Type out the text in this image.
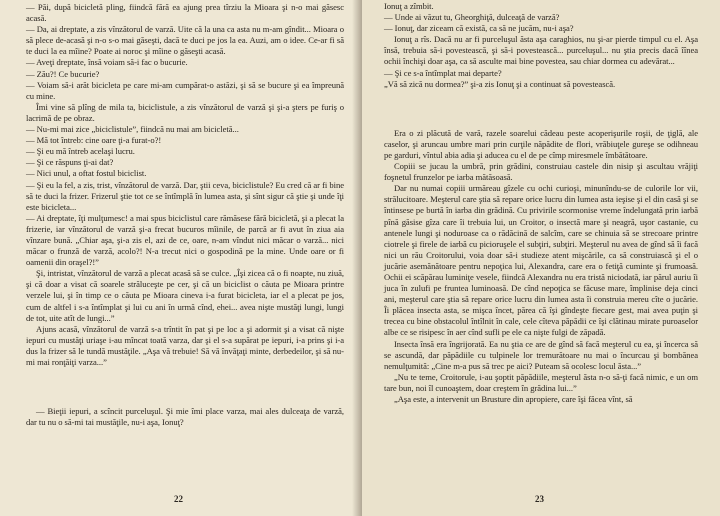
— Păi, după bicicletă pling, fiindcă fără ea ajung prea tîrziu la Mioara şi n-o mai găsesc acasă.

— Da, ai dreptate, a zis vînzătorul de varză. Uite că la una ca asta nu m-am gîndit... Mioara o să plece de-acasă şi n-o s-o mai găseşti, dacă te duci pe jos la ea. Auzi, am o idee. Ce-ar fi să te duci la ea mîine? Poate ai noroc şi mîine o găseşti acasă.

— Aveţi dreptate, însă voiam să-i fac o bucurie.

— Zău?! Ce bucurie?

— Voiam să-i arăt bicicleta pe care mi-am cumpărat-o astăzi, şi să se bucure şi ea împreună cu mine.

Îmi vine să plîng de mila ta, biciclistule, a zis vînzătorul de varză şi şi-a şters pe furiş o lacrimă de pe obraz.

— Nu-mi mai zice „biciclistule”, fiindcă nu mai am bicicletă...

— Mă tot întreb: cine oare ţi-a furat-o?!

— Şi eu mă întreb acelaşi lucru.

— Şi ce răspuns ţi-ai dat?

— Nici unul, a oftat fostul biciclist.

— Şi eu la fel, a zis, trist, vînzătorul de varză. Dar, ştii ceva, biciclistule? Eu cred că ar fi bine să te duci la frizer. Frizerul ştie tot ce se întîmplă în lumea asta, şi sînt sigur că ştie şi unde îţi este bicicleta...

— Ai dreptate, îţi mulţumesc! a mai spus biciclistul care rămăsese fără bicicletă, şi a plecat la frizerie, iar vînzătorul de varză şi-a frecat bucuros mîinile, de parcă ar fi avut în ziua aia vînzare bună. „Chiar aşa, şi-a zis el, azi de ce, oare, n-am vîndut nici măcar o varză... nici măcar o frunză de varză, acolo?! N-a trecut nici o gospodină pe la mine. Unde oare or fi oamenii din oraşel?!”

Şi, intristat, vînzătorul de varză a plecat acasă să se culce. „Îşi zicea că o fi noapte, nu ziuă, şi că doar a visat că soarele străluceşte pe cer, şi că un biciclist o căuta pe Mioara printre verzele lui, şi în timp ce o căuta pe Mioara cineva i-a furat bicicleta, iar el a plecat pe jos, cum de altfel i s-a întîmplat şi lui cu ani în urmă cînd, ehei... avea nişte mustăţi lungi, lungi de tot, uite atît de lungi...”

Ajuns acasă, vînzătorul de varză s-a trîntit în pat şi pe loc a şi adormit şi a visat că nişte iepuri cu mustăţi uriaşe i-au mîncat toată varza, dar şi el s-a supărat pe iepuri, i-a prins şi i-a dus la frizer să le tundă mustăţile. „Aşa vă trebuie! Să vă învăţaţi minte, derbedeilor, şi să nu-mi mai ronţăiţi varza...”

— Bieţii iepuri, a scîncit purceluşul. Şi mie îmi place varza, mai ales dulceaţa de varză, dar tu nu o să-mi tai mustăţile, nu-i aşa, Ionuţ?

22

Ionuţ a zîmbit.

— Unde ai văzut tu, Gheorghiţă, dulceaţă de varză?

— Ionuţ, dar ziceam că există, ca să ne jucăm, nu-i aşa?

Ionuţ a rîs. Dacă nu ar fi purceluşul ăsta aşa caraghios, nu şi-ar pierde timpul cu el. Aşa însă, trebuia să-i povestească, şi să-i povestească... purceluşul... nu ştia precis dacă îînea ochii închişi doar aşa, ca să asculte mai bine povestea, sau chiar dormea cu adevărat...

— Şi ce s-a întîmplat mai departe?

„Vă să zică nu dormea?” şi-a zis Ionuţ şi a continuat să povestească.

Era o zi plăcută de vară, razele soarelui cădeau peste acoperişurile roşii, de ţiglă, ale caselor, şi aruncau umbre mari prin curţile năpădite de flori, vrăbiuţele gureşe se odihneau pe garduri, vîntul abia adia şi aducea cu el de pe cîmp miresmele îmbătătoare.

Copiii se jucau la umbră, prin grădini, construiau castele din nisip şi ascultau vrăjiţi foşnetul frunzelor pe iarba mătăsoasă.

Dar nu numai copiii urmăreau gîzele cu ochi curioşi, minunîndu-se de culorile lor vii, strălucitoare. Meşterul care ştia să repare orice lucru din lumea asta ieşise şi el din casă şi se întinsese pe burtă în iarba din grădină. Cu privirile scormonise vreme îndelungată prin iarbă pînă găsise gîza care îi trebuia lui, un Croitor, o insectă mare şi neagră, uşor castanie, cu antenele lungi şi noduroase ca o rădăcină de salcîm, care se chinuia să se strecoare printre ciotrele şi firele de iarbă cu picioruşele el subţiri, subţiri. Meşterul nu avea de gînd să îi facă nici un rău Croitorului, voia doar să-i studieze atent mişcările, ca să construiască şi el o jucărie asemănătoare pentru nepoţica lui, Alexandra, care era o fetiţă cuminte şi frumoasă. Ochii ei scăpărau luminiţe vesele, fiindcă Alexandra nu era tristă niciodată, iar părul auriu îi juca în zulufi pe fruntea luminoasă. De cînd nepoţica se făcuse mare, împlinise deja cinci ani, meşterul care ştia să repare orice lucru din lumea asta îi construia mereu cîte o jucărie. Îi plăcea insecta asta, se mişca încet, părea că îşi gîndeşte fiecare gest, mai avea puţin şi trecea cu bine obstacolul întîlnit în cale, cele cîteva păpădii ce îşi clătinau mirate puroaselor albe ce se risipesc în aer cînd sufli pe ele ca nişte fulgi de zăpadă.

Insecta însă era îngrijorată. Ea nu ştia ce are de gînd să facă meşterul cu ea, şi încerca să se ascundă, dar păpădiile cu tulpinele lor tremurătoare nu mai o încurcau şi bombănea nemulţumită: „Cine m-a pus să trec pe aici? Puteam să ocolesc locul ăsta...”

„Nu te teme, Croitorule, i-au şoptit păpădiile, meşterul ăsta n-o să-ţi facă nimic, e un om tare bun, noi îl cunoaştem, doar creştem în grădina lui...”

„Aşa este, a intervenit un Brusture din apropiere, care îşi făcea vînt, să

23
